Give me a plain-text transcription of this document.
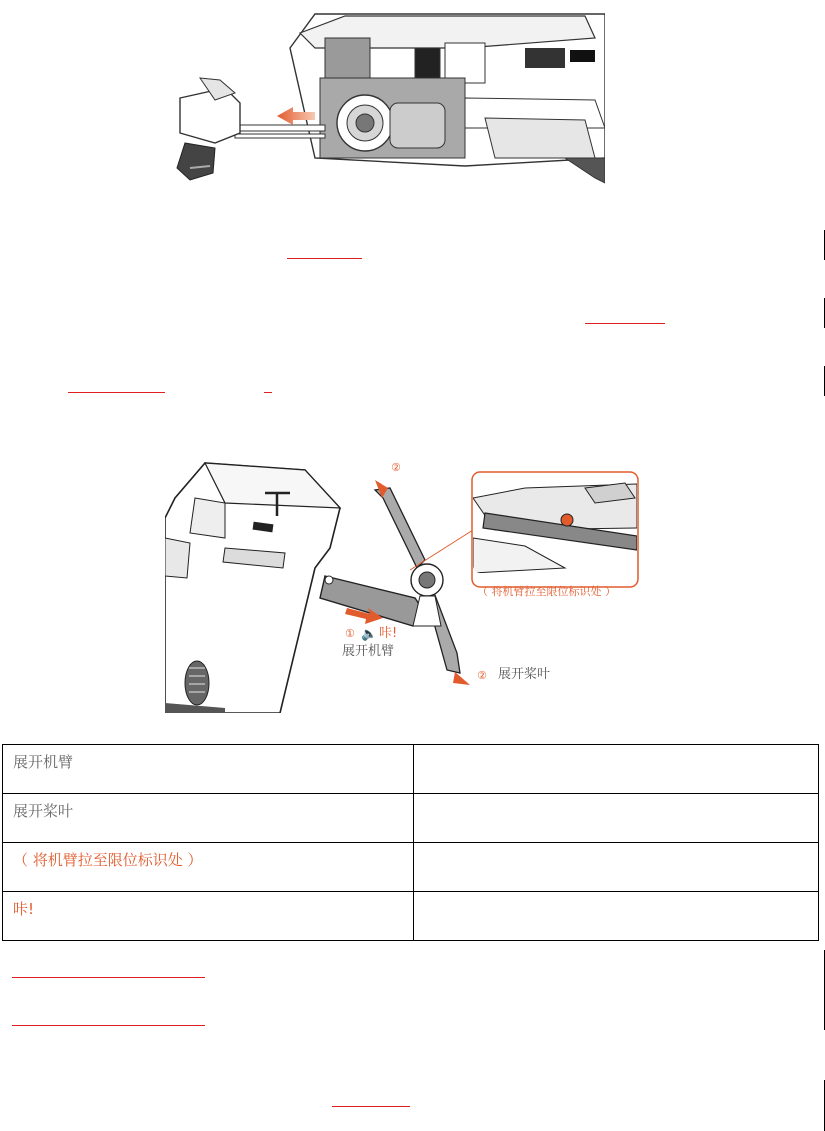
（ 将机臂拉至限位标识处 ）
① 🔈 咔!
展开机臂
②
② 展开桨叶
展开机臂	
展开桨叶	
（ 将机臂拉至限位标识处 ）	
咔!	
